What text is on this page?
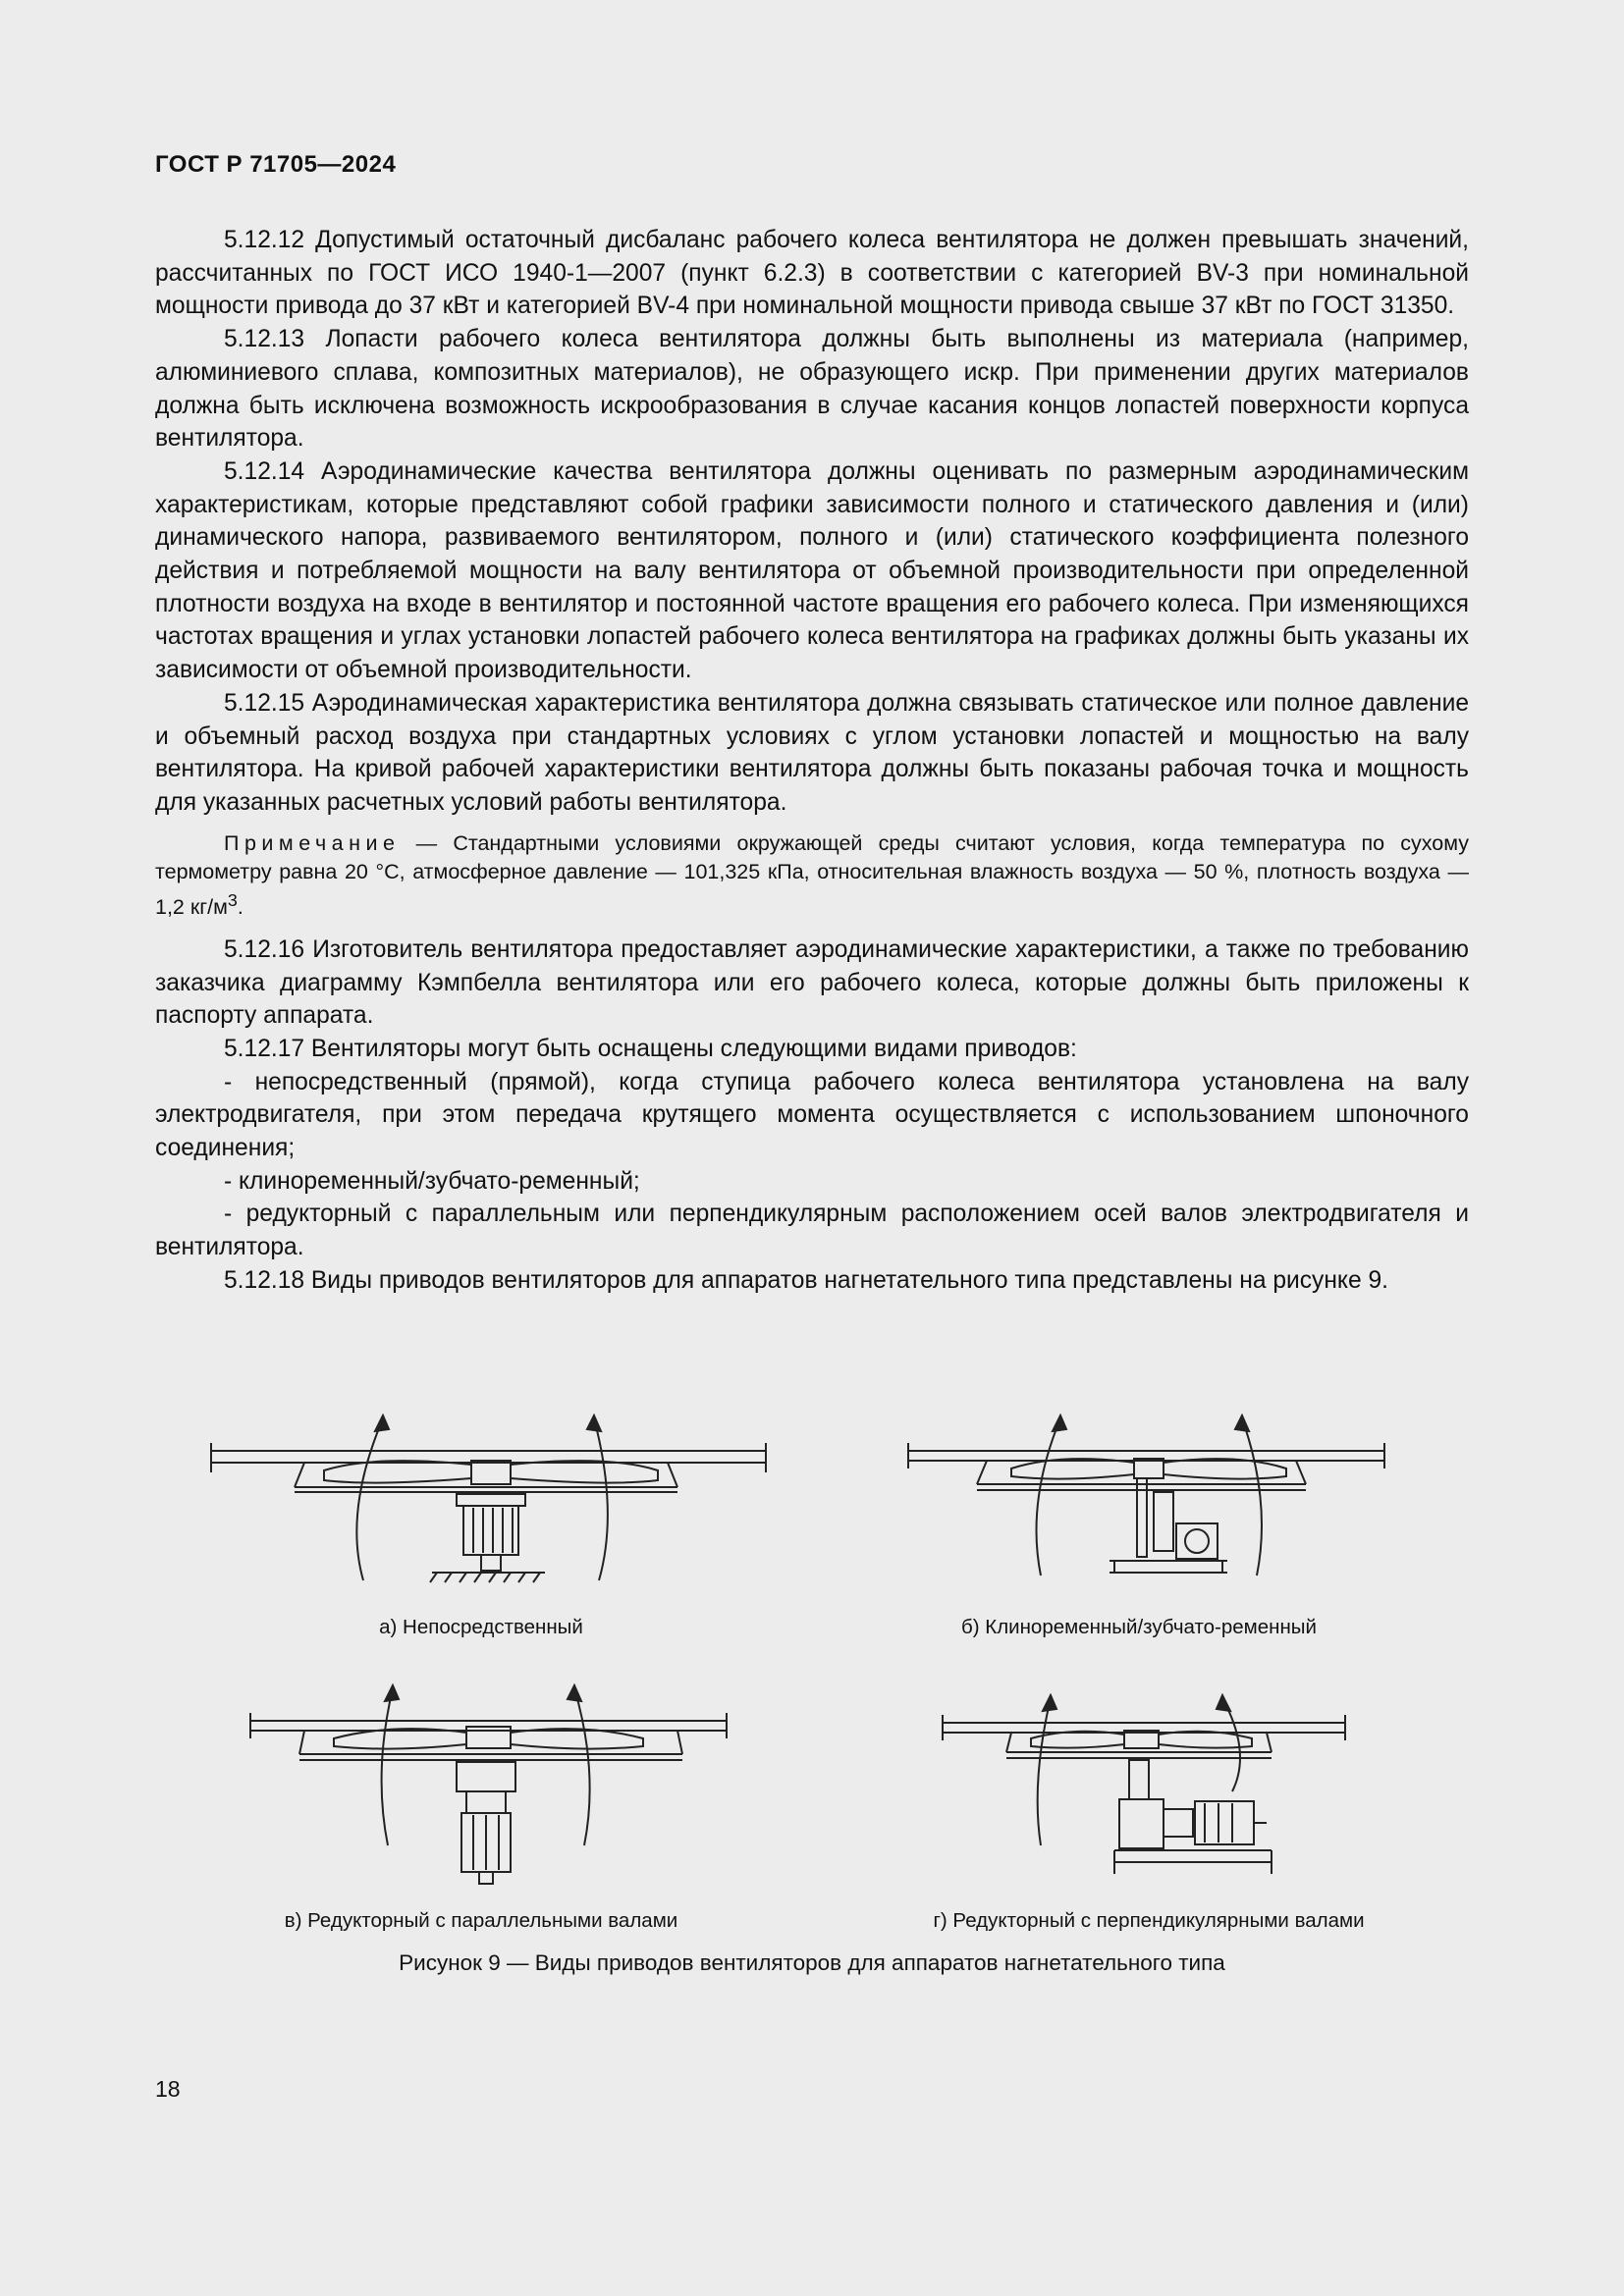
ГОСТ Р 71705—2024

5.12.12 Допустимый остаточный дисбаланс рабочего колеса вентилятора не должен превышать значений, рассчитанных по ГОСТ ИСО 1940-1—2007 (пункт 6.2.3) в соответствии с категорией BV-3 при номинальной мощности привода до 37 кВт и категорией BV-4 при номинальной мощности привода свыше 37 кВт по ГОСТ 31350.

5.12.13 Лопасти рабочего колеса вентилятора должны быть выполнены из материала (например, алюминиевого сплава, композитных материалов), не образующего искр. При применении других материалов должна быть исключена возможность искрообразования в случае касания концов лопастей поверхности корпуса вентилятора.

5.12.14 Аэродинамические качества вентилятора должны оценивать по размерным аэродинамическим характеристикам, которые представляют собой графики зависимости полного и статического давления и (или) динамического напора, развиваемого вентилятором, полного и (или) статического коэффициента полезного действия и потребляемой мощности на валу вентилятора от объемной производительности при определенной плотности воздуха на входе в вентилятор и постоянной частоте вращения его рабочего колеса. При изменяющихся частотах вращения и углах установки лопастей рабочего колеса вентилятора на графиках должны быть указаны их зависимости от объемной производительности.

5.12.15 Аэродинамическая характеристика вентилятора должна связывать статическое или полное давление и объемный расход воздуха при стандартных условиях с углом установки лопастей и мощностью на валу вентилятора. На кривой рабочей характеристики вентилятора должны быть показаны рабочая точка и мощность для указанных расчетных условий работы вентилятора.

Примечание — Стандартными условиями окружающей среды считают условия, когда температура по сухому термометру равна 20 °С, атмосферное давление — 101,325 кПа, относительная влажность воздуха — 50 %, плотность воздуха — 1,2 $кг/м^3$.

5.12.16 Изготовитель вентилятора предоставляет аэродинамические характеристики, а также по требованию заказчика диаграмму Кэмпбелла вентилятора или его рабочего колеса, которые должны быть приложены к паспорту аппарата.

5.12.17 Вентиляторы могут быть оснащены следующими видами приводов:

- непосредственный (прямой), когда ступица рабочего колеса вентилятора установлена на валу электродвигателя, при этом передача крутящего момента осуществляется с использованием шпоночного соединения;

- клиноременный/зубчато-ременный;

- редукторный с параллельным или перпендикулярным расположением осей валов электродвигателя и вентилятора.

5.12.18 Виды приводов вентиляторов для аппаратов нагнетательного типа представлены на рисунке 9.

а) Непосредственный	б) Клиноременный/зубчато-ременный
в) Редукторный с параллельными валами	г) Редукторный с перпендикулярными валами
Рисунок 9 — Виды приводов вентиляторов для аппаратов нагнетательного типа
18
